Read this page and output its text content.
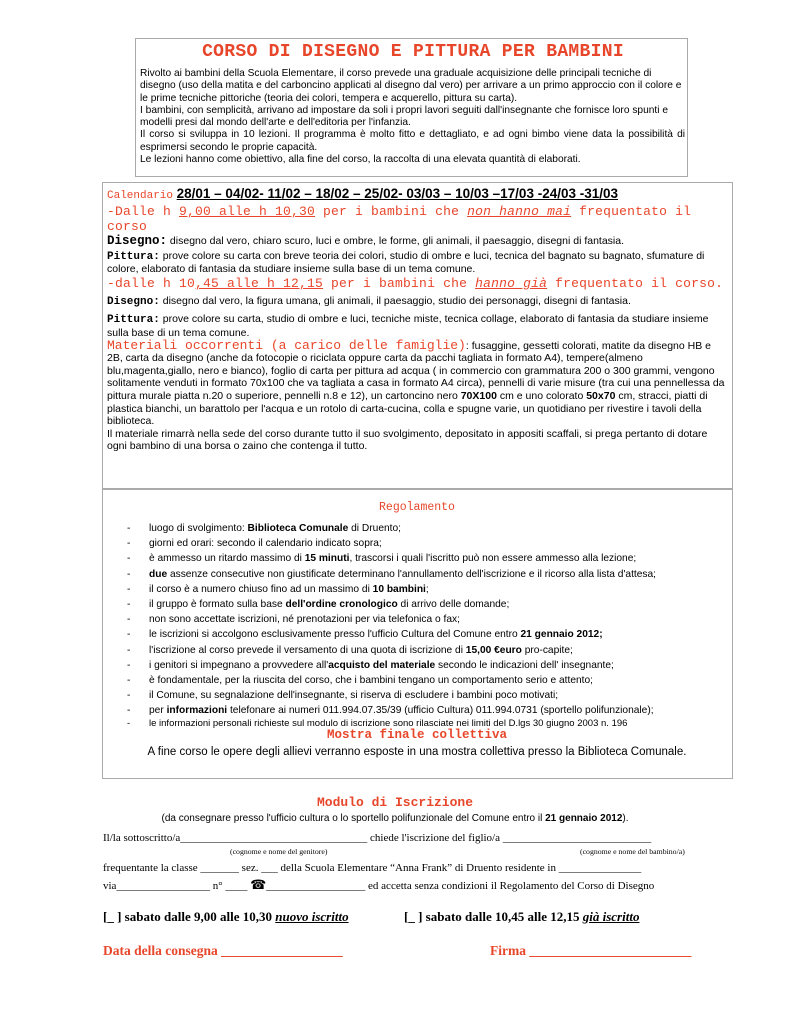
CORSO DI DISEGNO E PITTURA PER BAMBINI

Rivolto ai bambini della Scuola Elementare, il corso prevede una graduale acquisizione delle principali tecniche di disegno (uso della matita e del carboncino applicati al disegno dal vero) per arrivare a un primo approccio con il colore e le prime tecniche pittoriche (teoria dei colori, tempera e acquerello, pittura su carta).

I bambini, con semplicità, arrivano ad impostare da soli i propri lavori seguiti dall'insegnante che fornisce loro spunti e modelli presi dal mondo dell'arte e dell'editoria per l'infanzia.

Il corso si sviluppa in 10 lezioni. Il programma è molto fitto e dettagliato, e ad ogni bimbo viene data la possibilità di esprimersi secondo le proprie capacità.

Le lezioni hanno come obiettivo, alla fine del corso, la raccolta di una elevata quantità di elaborati.

Calendario 28/01 – 04/02- 11/02 – 18/02 – 25/02- 03/03 – 10/03 –17/03 -24/03 -31/03

-Dalle h 9,00 alle h 10,30 per i bambini che non hanno mai frequentato il corso

Disegno: disegno dal vero, chiaro scuro, luci e ombre, le forme, gli animali, il paesaggio, disegni di fantasia.

Pittura: prove colore su carta con breve teoria dei colori, studio di ombre e luci, tecnica del bagnato su bagnato, sfumature di colore, elaborato di fantasia da studiare insieme sulla base di un tema comune.

-dalle h 10,45 alle h 12,15 per i bambini che hanno già frequentato il corso.

Disegno: disegno dal vero, la figura umana, gli animali, il paesaggio, studio dei personaggi, disegni di fantasia.

Pittura: prove colore su carta, studio di ombre e luci, tecniche miste, tecnica collage, elaborato di fantasia da studiare insieme sulla base di un tema comune.

Materiali occorrenti (a carico delle famiglie): fusaggine, gessetti colorati, matite da disegno HB e 2B, carta da disegno (anche da fotocopie o riciclata oppure carta da pacchi tagliata in formato A4), tempere(almeno blu,magenta,giallo, nero e bianco), foglio di carta per pittura ad acqua ( in commercio con grammatura 200 o 300 grammi, vengono solitamente venduti in formato 70x100 che va tagliata a casa in formato A4 circa), pennelli di varie misure (tra cui una pennellessa da pittura murale piatta n.20 o superiore, pennelli n.8 e 12), un cartoncino nero 70X100 cm e uno colorato 50x70 cm, stracci, piatti di plastica bianchi, un barattolo per l'acqua e un rotolo di carta-cucina, colla e spugne varie, un quotidiano per rivestire i tavoli della biblioteca.

Il materiale rimarrà nella sede del corso durante tutto il suo svolgimento, depositato in appositi scaffali, si prega pertanto di dotare ogni bambino di una borsa o zaino che contenga il tutto.

Regolamento
- luogo di svolgimento: Biblioteca Comunale di Druento;
- giorni ed orari: secondo il calendario indicato sopra;
- è ammesso un ritardo massimo di 15 minuti, trascorsi i quali l'iscritto può non essere ammesso alla lezione;
- due assenze consecutive non giustificate determinano l'annullamento dell'iscrizione e il ricorso alla lista d'attesa;
- il corso è a numero chiuso fino ad un massimo di 10 bambini;
- il gruppo è formato sulla base dell'ordine cronologico di arrivo delle domande;
- non sono accettate iscrizioni, né prenotazioni per via telefonica o fax;
- le iscrizioni si accolgono esclusivamente presso l'ufficio Cultura del Comune entro 21 gennaio 2012;
- l'iscrizione al corso prevede il versamento di una quota di iscrizione di 15,00 €euro pro-capite;
- i genitori si impegnano a provvedere all'acquisto del materiale secondo le indicazioni dell' insegnante;
- è fondamentale, per la riuscita del corso, che i bambini tengano un comportamento serio e attento;
- il Comune, su segnalazione dell'insegnante, si riserva di escludere i bambini poco motivati;
- per informazioni telefonare ai numeri 011.994.07.35/39 (ufficio Cultura) 011.994.0731 (sportello polifunzionale);
- le informazioni personali richieste sul modulo di iscrizione sono rilasciate nei limiti del D.lgs 30 giugno 2003 n. 196
Mostra finale collettiva
A fine corso le opere degli allievi verranno esposte in una mostra collettiva presso la Biblioteca Comunale.
Modulo di Iscrizione
(da consegnare presso l'ufficio cultura o lo sportello polifunzionale del Comune entro il 21 gennaio 2012).
Il/la sottoscritto/a__________________________________ chiede l'iscrizione del figlio/a ___________________________
(cognome e nome del genitore)	(cognome e nome del bambino/a)
frequentante la classe _______ sez. ___ della Scuola Elementare “Anna Frank” di Druento residente in _______________
via_________________ n° ____ ☎__________________ ed accetta senza condizioni il Regolamento del Corso di Disegno
[_ ] sabato dalle 9,00 alle 10,30 nuovo iscritto	[_ ] sabato dalle 10,45 alle 12,15 già iscritto
Data della consegna __________________	Firma ________________________
